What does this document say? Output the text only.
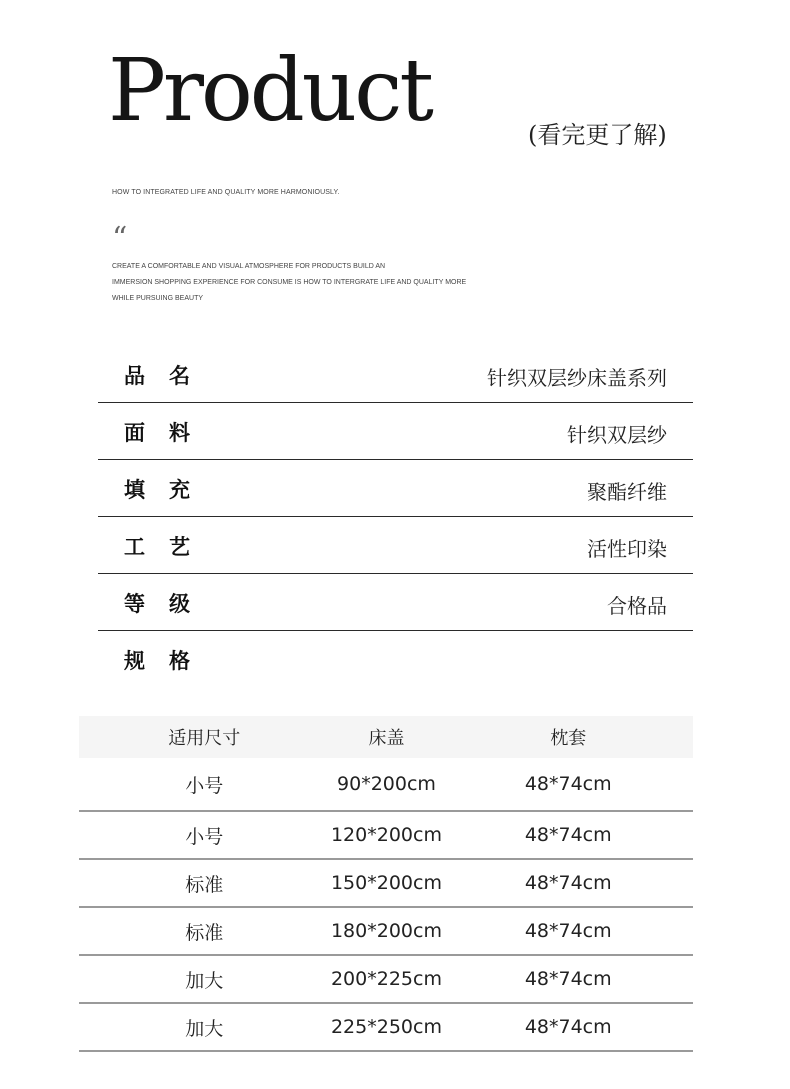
Product	(看完更了解)
HOW TO INTEGRATED LIFE AND QUALITY MORE HARMONIOUSLY.
“

CREATE A COMFORTABLE AND VISUAL ATMOSPHERE FOR PRODUCTS BUILD AN
IMMERSION SHOPPING EXPERIENCE FOR CONSUME IS HOW TO INTERGRATE LIFE AND QUALITY MORE
WHILE PURSUING BEAUTY

品名	针织双层纱床盖系列
面料	针织双层纱
填充	聚酯纤维
工艺	活性印染
等级	合格品
规格
适用尺寸	床盖	枕套
小号	90*200cm	48*74cm
小号	120*200cm	48*74cm
标准	150*200cm	48*74cm
标准	180*200cm	48*74cm
加大	200*225cm	48*74cm
加大	225*250cm	48*74cm
